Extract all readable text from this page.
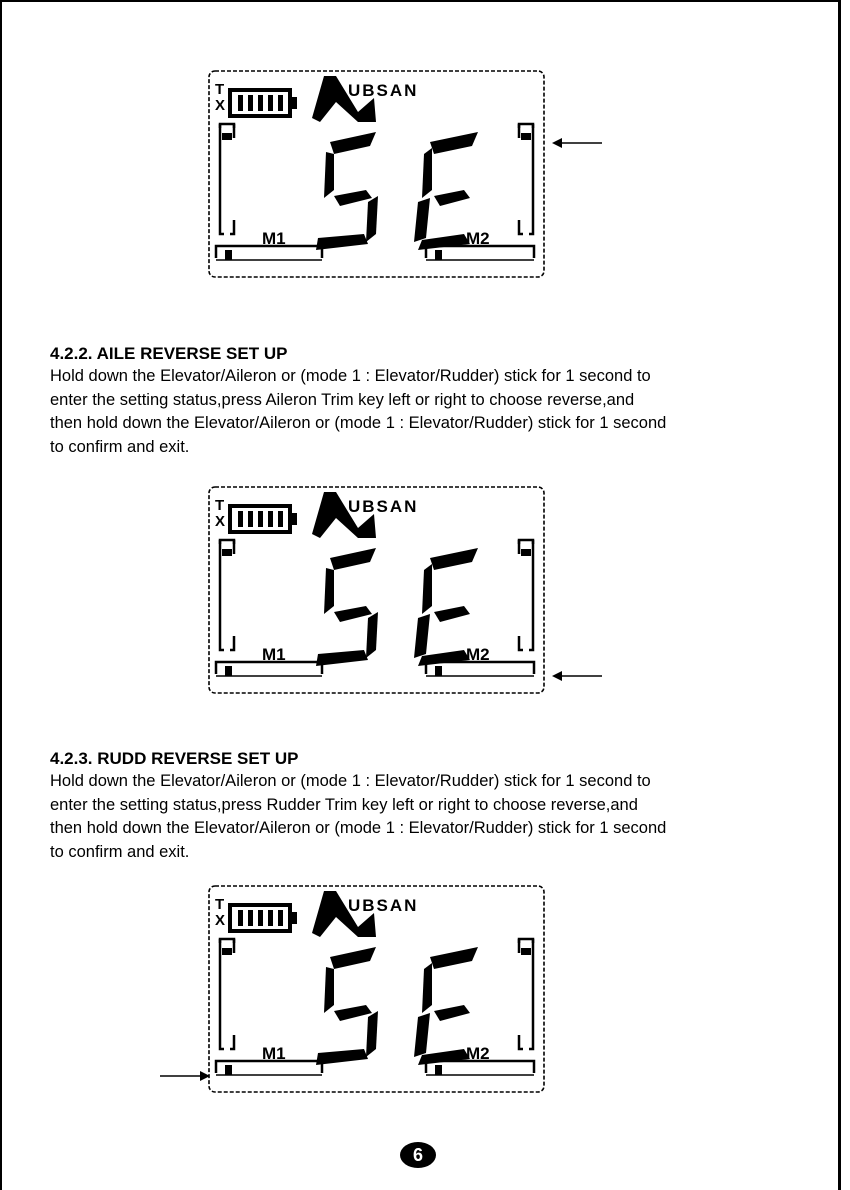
T
X
UBSAN
M1	M2
T
X
UBSAN
M1	M2
T
X
UBSAN
M1	M2
4.2.2. AILE REVERSE SET UP

Hold down the Elevator/Aileron or (mode 1 : Elevator/Rudder) stick for 1 second to

enter the setting status,press Aileron Trim key left or right to choose reverse,and

then hold down the Elevator/Aileron or (mode 1 : Elevator/Rudder) stick for 1 second

to confirm and exit.

4.2.3. RUDD REVERSE SET UP

Hold down the Elevator/Aileron or (mode 1 : Elevator/Rudder) stick for 1 second to

enter the setting status,press Rudder Trim key left or right to choose reverse,and

then hold down the Elevator/Aileron or (mode 1 : Elevator/Rudder) stick for 1 second

to confirm and exit.

6
